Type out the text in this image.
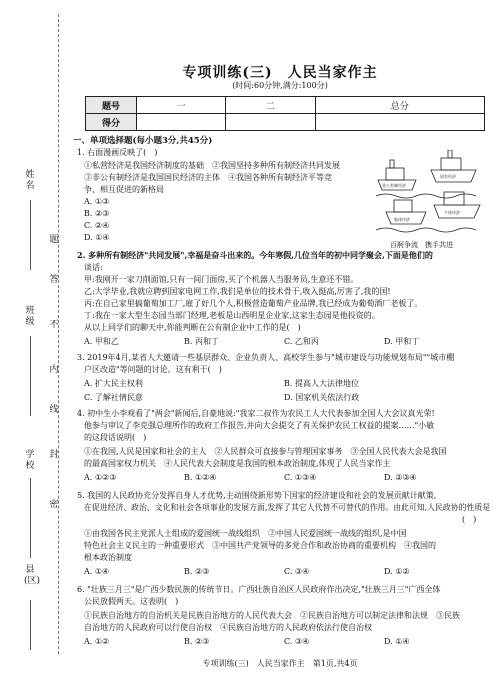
姓名
班级
学校
县(区)
题
答
不
内
线
封
密
专项训练(三)　人民当家作主
(时间:60分钟,满分:100分)
题号	一	二	总分
得分			
一、单项选择题(每小题3分,共45分)
1. 右面漫画反映了(　)
①私营经济是我国经济制度的基础　②我国坚持多种所有制经济共同发展
③非公有制经济是我国国民经济的主体　④我国各种所有制经济平等竞
争、相互促进的新格局
A. ①③
B. ②③
C. ②④
D. ①④
非公有制经济
国有经济
集体经济
个体经济
百舸争流　携手共进
2. 多种所有制经济"共同发展",幸福是奋斗出来的。今年寒假,几位当年的初中同学聚会,下面是他们的
谈话:
甲:我刚开一家刀削面馆,只有一间门面房,买了个机器人当服务员,生意还不错。
乙:大学毕业,我就应聘到国家电网工作,我们是单位的技术骨干,收入挺高,厉害了,我的国!
丙:在自己家里搞葡萄加工厂,雇了好几个人,积极营造葡萄产业品牌,我已经成为葡萄酒厂老板了。
丁:我在一家大型生态园当部门经理,老板是山西明星企业家,这家生态园是他投资的。
从以上同学们的聊天中,你能判断在公有制企业中工作的是(　)
A. 甲和乙	B. 丙和丁	C. 乙和丙	D. 甲和丁
3. 2019年4月,某省人大邀请一些基层群众、企业负责人、高校学生参与"城市建设与功能规划布局""城市棚
户区改造"等问题的讨论。这有利于(　)
A. 扩大民主权利	B. 提高人大法律地位
C. 了解社情民意	D. 国家机关依法行政
4. 初中生小李观看了"两会"新闻后,自豪地说:"我家二叔作为农民工人大代表参加全国人大会议真光荣!
他参与审议了李克强总理所作的政府工作报告,并向大会提交了有关保护农民工权益的提案……"小敏
的这段话说明(　)
①在我国,人民是国家和社会的主人　②人民群众可直接参与管理国家事务　③全国人民代表大会是我国
的最高国家权力机关　④人民代表大会制度是我国的根本政治制度,体现了人民当家作主
A. ①②③	B. ①②④	C. ①③④	D. ②③④
5. 我国的人民政协充分发挥自身人才优势,主动围绕新形势下国家的经济建设和社会的发展贡献计献策,
在促进经济、政治、文化和社会各项事业的发展方面,发挥了其它人代替不可替代的作用。由此可知,人民政协的性质是
(　)
①由我国各民主党派人士组成的爱国统一战线组织　②中国人民爱国统一战线的组织,是中国
特色社会主义民主的一种重要形式　③中国共产党领导的多党合作和政治协商的重要机构　④我国的
根本政治制度
A. ①④	B. ②③	C. ③④	D. ①②
6. "壮族三月三"是广西少数民族的传统节日。广西壮族自治区人民政府作出决定,"壮族三月三"广西全体
公民放假两天。这表明(　)
①民族自治地方的自治机关是民族自治地方的人民代表大会　②民族自治地方可以制定法律和法规　③民族
自治地方的人民政府可以行使自治权　④民族自治地方的人民政府依法行使自治权
A. ①②	B. ②③	C. ③④	D. ①④
专项训练(三)　人民当家作主　第1页,共4页
